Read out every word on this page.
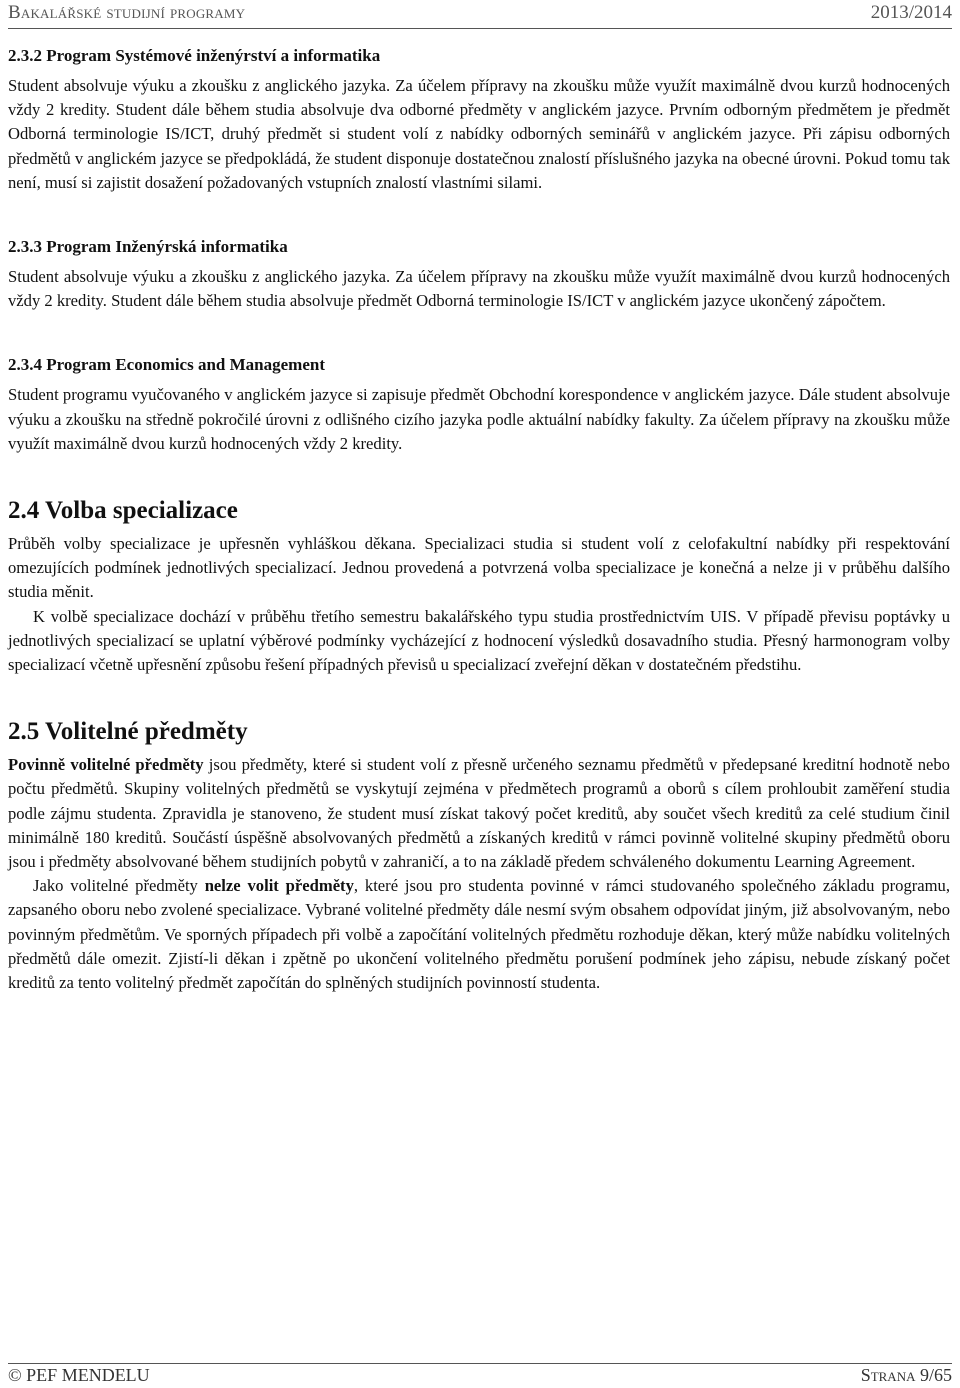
Bakalářské studijní programy	2013/2014
2.3.2 Program Systémové inženýrství a informatika

Student absolvuje výuku a zkoušku z anglického jazyka. Za účelem přípravy na zkoušku může využít maximálně dvou kurzů hodnocených vždy 2 kredity. Student dále během studia absolvuje dva odborné předměty v anglickém jazyce. Prvním odborným předmětem je předmět Odborná terminologie IS/ICT, druhý předmět si student volí z nabídky odborných seminářů v anglickém jazyce. Při zápisu odborných předmětů v anglickém jazyce se předpokládá, že student disponuje dostatečnou znalostí příslušného jazyka na obecné úrovni. Pokud tomu tak není, musí si zajistit dosažení požadovaných vstupních znalostí vlastními silami.

2.3.3 Program Inženýrská informatika

Student absolvuje výuku a zkoušku z anglického jazyka. Za účelem přípravy na zkoušku může využít maximálně dvou kurzů hodnocených vždy 2 kredity. Student dále během studia absolvuje předmět Odborná terminologie IS/ICT v anglickém jazyce ukončený zápočtem.

2.3.4 Program Economics and Management

Student programu vyučovaného v anglickém jazyce si zapisuje předmět Obchodní korespondence v anglickém jazyce. Dále student absolvuje výuku a zkoušku na středně pokročilé úrovni z odlišného cizího jazyka podle aktuální nabídky fakulty. Za účelem přípravy na zkoušku může využít maximálně dvou kurzů hodnocených vždy 2 kredity.

2.4 Volba specializace

Průběh volby specializace je upřesněn vyhláškou děkana. Specializaci studia si student volí z celofakultní nabídky při respektování omezujících podmínek jednotlivých specializací. Jednou provedená a potvrzená volba specializace je konečná a nelze ji v průběhu dalšího studia měnit.

K volbě specializace dochází v průběhu třetího semestru bakalářského typu studia prostřednictvím UIS. V případě převisu poptávky u jednotlivých specializací se uplatní výběrové podmínky vycházející z hodnocení výsledků dosavadního studia. Přesný harmonogram volby specializací včetně upřesnění způsobu řešení případných převisů u specializací zveřejní děkan v dostatečném předstihu.

2.5 Volitelné předměty

Povinně volitelné předměty jsou předměty, které si student volí z přesně určeného seznamu předmětů v předepsané kreditní hodnotě nebo počtu předmětů. Skupiny volitelných předmětů se vyskytují zejména v předmětech programů a oborů s cílem prohloubit zaměření studia podle zájmu studenta. Zpravidla je stanoveno, že student musí získat takový počet kreditů, aby součet všech kreditů za celé studium činil minimálně 180 kreditů. Součástí úspěšně absolvovaných předmětů a získaných kreditů v rámci povinně volitelné skupiny předmětů oboru jsou i předměty absolvované během studijních pobytů v zahraničí, a to na základě předem schváleného dokumentu Learning Agreement.

Jako volitelné předměty nelze volit předměty, které jsou pro studenta povinné v rámci studovaného společného základu programu, zapsaného oboru nebo zvolené specializace. Vybrané volitelné předměty dále nesmí svým obsahem odpovídat jiným, již absolvovaným, nebo povinným předmětům. Ve sporných případech při volbě a započítání volitelných předmětu rozhoduje děkan, který může nabídku volitelných předmětů dále omezit. Zjistí-li děkan i zpětně po ukončení volitelného předmětu porušení podmínek jeho zápisu, nebude získaný počet kreditů za tento volitelný předmět započítán do splněných studijních povinností studenta.

© PEF MENDELU	Strana 9/65
